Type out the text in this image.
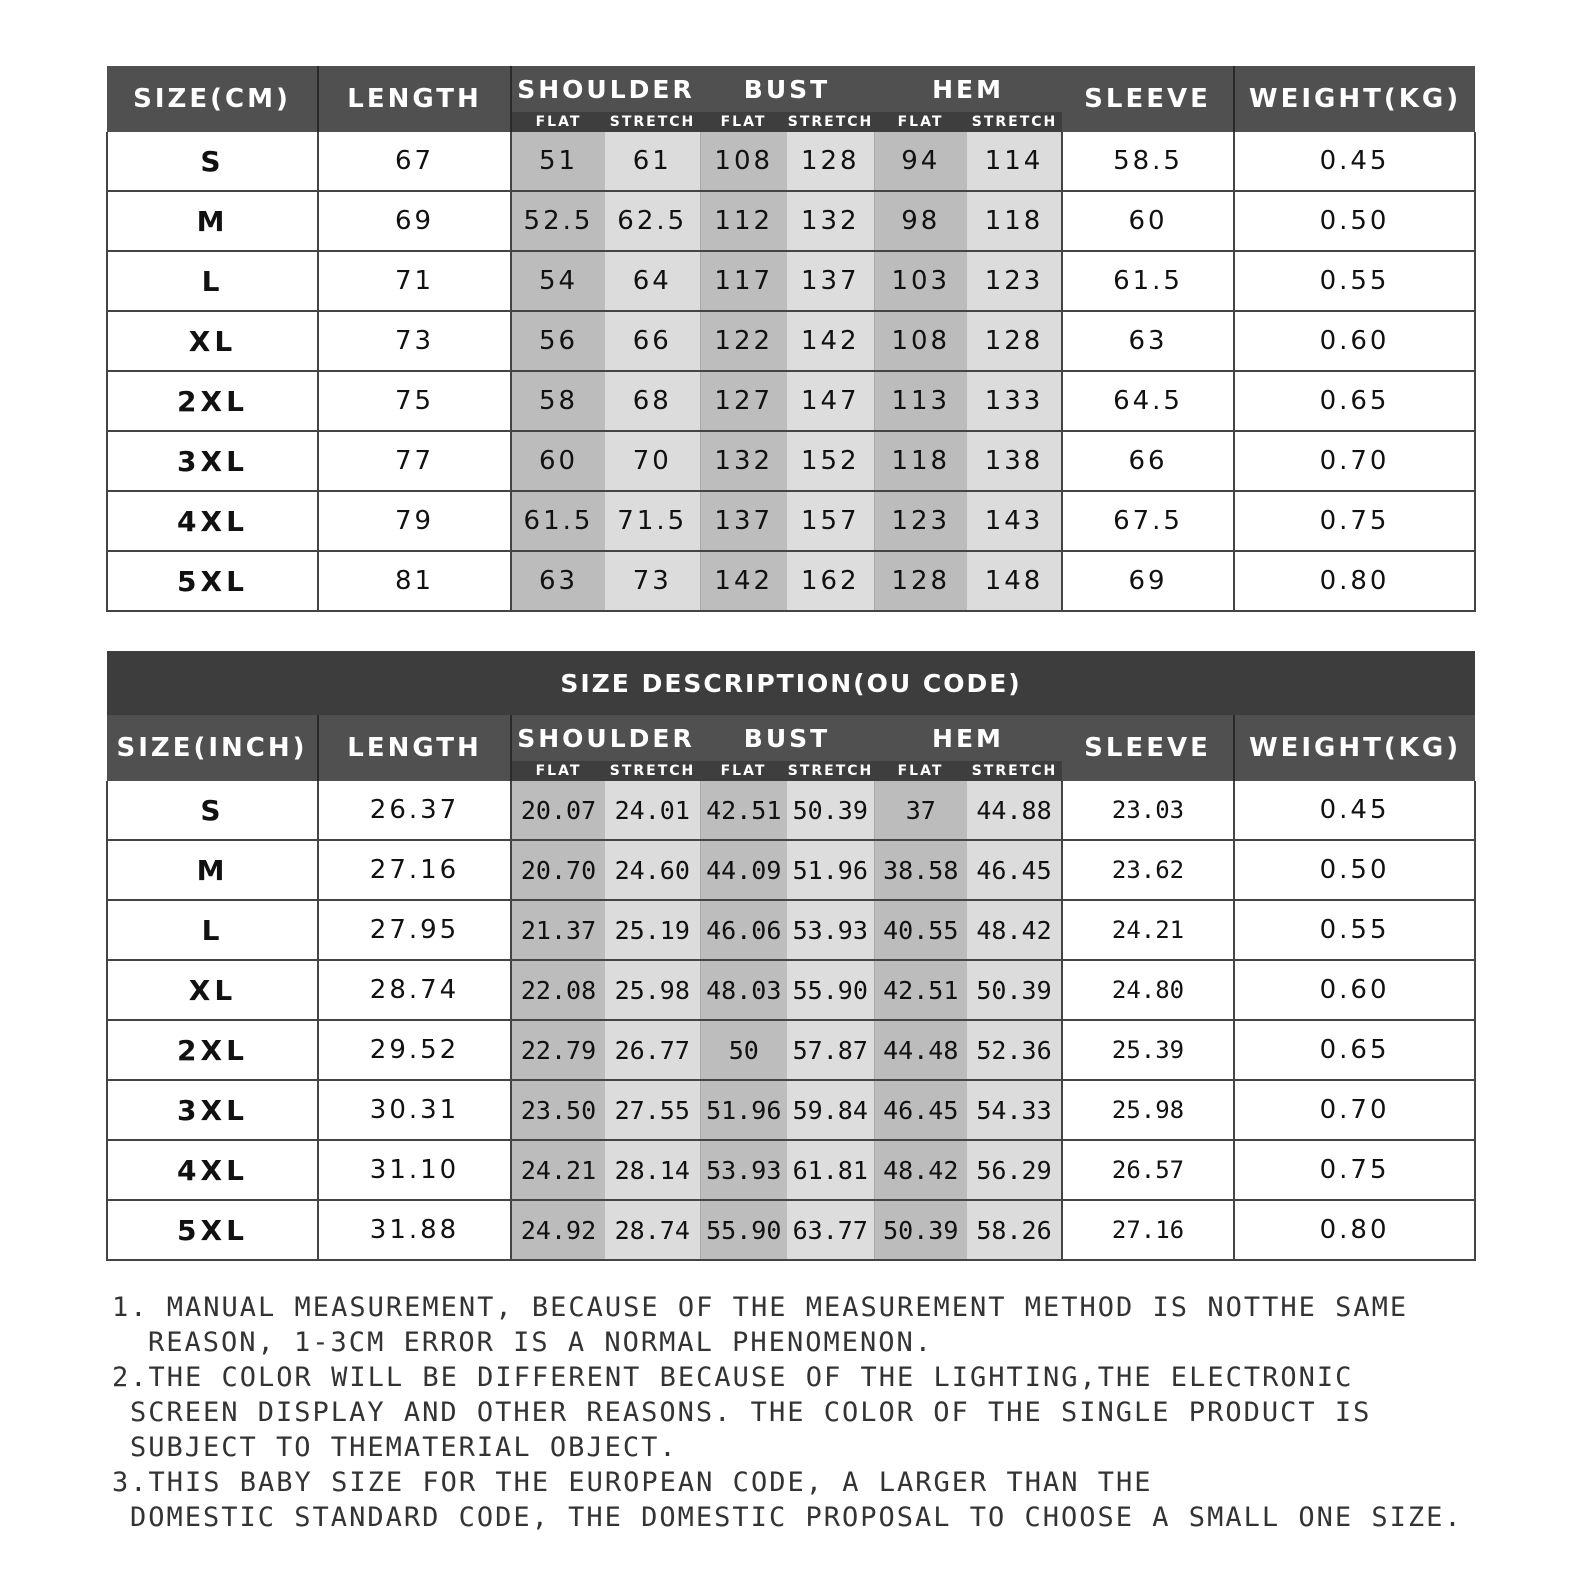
SIZE(CM)	LENGTH	SHOULDER		BUST		HEM		SLEEVE	WEIGHT(KG)
		FLAT	STRETCH	FLAT	STRETCH	FLAT	STRETCH		
S	67	51	61	108	128	94	114	58.5	0.45
M	69	52.5	62.5	112	132	98	118	60	0.50
L	71	54	64	117	137	103	123	61.5	0.55
XL	73	56	66	122	142	108	128	63	0.60
2XL	75	58	68	127	147	113	133	64.5	0.65
3XL	77	60	70	132	152	118	138	66	0.70
4XL	79	61.5	71.5	137	157	123	143	67.5	0.75
5XL	81	63	73	142	162	128	148	69	0.80
SIZE DESCRIPTION(OU CODE)									
SIZE(INCH)	LENGTH	SHOULDER		BUST		HEM		SLEEVE	WEIGHT(KG)
		FLAT	STRETCH	FLAT	STRETCH	FLAT	STRETCH		
S	26.37	20.07	24.01	42.51	50.39	37	44.88	23.03	0.45
M	27.16	20.70	24.60	44.09	51.96	38.58	46.45	23.62	0.50
L	27.95	21.37	25.19	46.06	53.93	40.55	48.42	24.21	0.55
XL	28.74	22.08	25.98	48.03	55.90	42.51	50.39	24.80	0.60
2XL	29.52	22.79	26.77	50	57.87	44.48	52.36	25.39	0.65
3XL	30.31	23.50	27.55	51.96	59.84	46.45	54.33	25.98	0.70
4XL	31.10	24.21	28.14	53.93	61.81	48.42	56.29	26.57	0.75
5XL	31.88	24.92	28.74	55.90	63.77	50.39	58.26	27.16	0.80

1. MANUAL MEASUREMENT, BECAUSE OF THE MEASUREMENT METHOD IS NOTTHE SAME

REASON, 1-3CM ERROR IS A NORMAL PHENOMENON.

2.THE COLOR WILL BE DIFFERENT BECAUSE OF THE LIGHTING,THE ELECTRONIC

SCREEN DISPLAY AND OTHER REASONS. THE COLOR OF THE SINGLE PRODUCT IS

SUBJECT TO THEMATERIAL OBJECT.

3.THIS BABY SIZE FOR THE EUROPEAN CODE, A LARGER THAN THE

DOMESTIC STANDARD CODE, THE DOMESTIC PROPOSAL TO CHOOSE A SMALL ONE SIZE.
